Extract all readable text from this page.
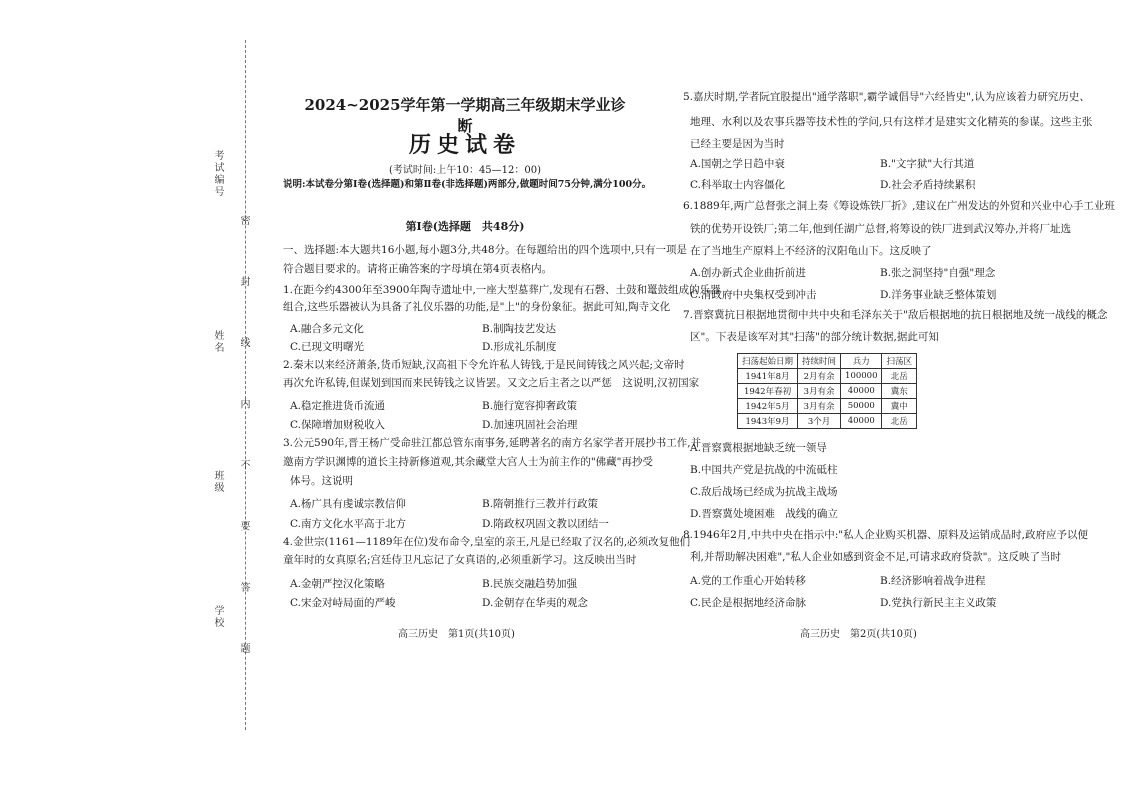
考试编号
姓名
班级
学校 密 封 线 内 不 要 答 题
2024~2025学年第一学期高三年级期末学业诊断
历史试卷
(考试时间:上午10：45—12：00)
说明:本试卷分第Ⅰ卷(选择题)和第Ⅱ卷(非选择题)两部分,做题时间75分钟,满分100分。
第Ⅰ卷(选择题　共48分)
一、选择题:本大题共16小题,每小题3分,共48分。在每题给出的四个选项中,只有一项是
符合题目要求的。请将正确答案的字母填在第4页表格内。
1.在距今约4300年至3900年陶寺遗址中,一座大型墓葬广,发现有石磬、土鼓和鼍鼓组成的乐器
组合,这些乐器被认为具备了礼仪乐器的功能,是"上"的身份象征。据此可知,陶寺文化
A.融合多元文化	B.制陶技艺发达
C.已现文明曙光	D.形成礼乐制度
2.秦末以来经济萧条,货币短缺,汉高祖下令允许私人铸钱,于是民间铸钱之风兴起;文帝时
再次允许私铸,但谋划到国而来民铸钱之议皆罢。又文之后主者之以严惩　这说明,汉初国家
A.稳定推进货币流通	B.施行宽容抑奢政策
C.保障增加财税收入	D.加速巩固社会治理
3.公元590年,晋王杨广受命驻江都总管东南事务,延聘著名的南方名家学者开展抄书工作,并
邀南方学识渊博的道长主持新修道观,其余藏堂大宫人士为前主作的"佛藏"再抄受
体号。这说明
A.杨广具有虔诚宗教信仰	B.隋朝推行三教并行政策
C.南方文化水平高于北方	D.隋政权巩固文教以团结一
4.金世宗(1161—1189年在位)发布命令,皇室的亲王,凡是已经取了汉名的,必须改复他们
童年时的女真原名;宫廷侍卫凡忘记了女真语的,必须重新学习。这反映出当时
A.金朝严控汉化策略	B.民族交融趋势加强
C.宋金对峙局面的严峻	D.金朝存在华夷的观念
高三历史　第1页(共10页)
5.嘉庆时期,学者阮宜股提出"通学落职",霸学诚倡导"六经皆史",认为应该着力研究历史、
地理、水利以及农事兵器等技术性的学问,只有这样才是建实文化精英的参谋。这些主张
已经主要是因为当时
A.国朝之学日趋中衰	B."文字狱"大行其道
C.科举取士内容僵化	D.社会矛盾持续累积
6.1889年,两广总督张之洞上奏《筹设炼铁厂折》,建议在广州发达的外贸和兴业中心手工业班
铁的优势开设铁厂;第二年,他到任湖广总督,将筹设的铁厂进到武汉筹办,并将厂址选
在了当地生产原料上不经济的汉阳龟山下。这反映了
A.创办新式企业曲折前进	B.张之洞坚持"自强"理念
C.清政府中央集权受到冲击	D.洋务事业缺乏整体策划
7.晋察冀抗日根据地贯彻中共中央和毛泽东关于"敌后根据地的抗日根据地及统一战线的概念
区"。下表是该军对其"扫荡"的部分统计数据,据此可知
扫荡起始日期	持续时间	兵力	扫荡区
1941年8月	2月有余	100000	北岳
1942年春初	3月有余	40000	冀东
1942年5月	3月有余	50000	冀中
1943年9月	3个月	40000	北岳
A.晋察冀根据地缺乏统一领导
B.中国共产党是抗战的中流砥柱
C.敌后战场已经成为抗战主战场
D.晋察冀处境困难　战线的确立
8.1946年2月,中共中央在指示中:"私人企业购买机器、原料及运销成品时,政府应予以便
利,并帮助解决困难","私人企业如感到资金不足,可请求政府贷款"。这反映了当时
A.党的工作重心开始转移	B.经济影响着战争进程
C.民企是根据地经济命脉	D.党执行新民主主义政策
高三历史　第2页(共10页)
